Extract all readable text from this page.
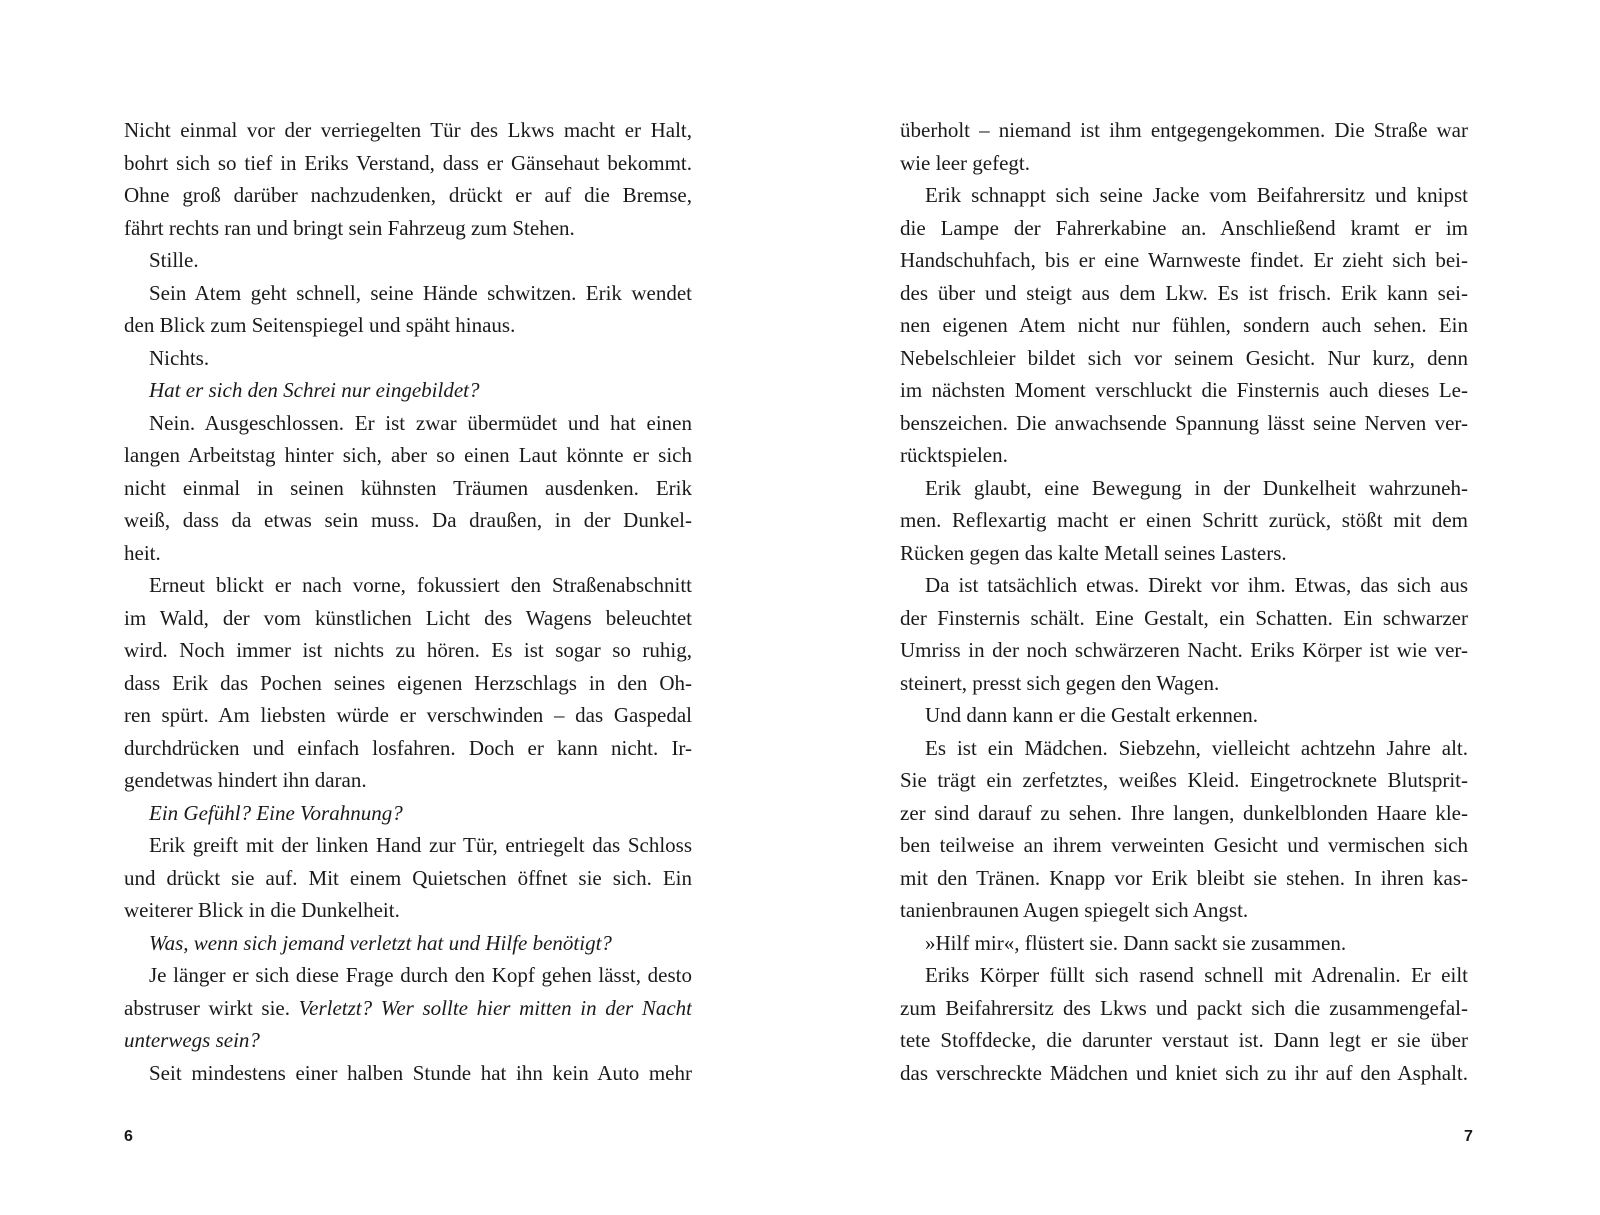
Nicht einmal vor der verriegelten Tür des Lkws macht er Halt,
bohrt sich so tief in Eriks Verstand, dass er Gänsehaut bekommt.
Ohne groß darüber nachzudenken, drückt er auf die Bremse,
fährt rechts ran und bringt sein Fahrzeug zum Stehen.
Stille.
Sein Atem geht schnell, seine Hände schwitzen. Erik wendet
den Blick zum Seitenspiegel und späht hinaus.
Nichts.
Hat er sich den Schrei nur eingebildet?
Nein. Ausgeschlossen. Er ist zwar übermüdet und hat einen
langen Arbeitstag hinter sich, aber so einen Laut könnte er sich
nicht einmal in seinen kühnsten Träumen ausdenken. Erik
weiß, dass da etwas sein muss. Da draußen, in der Dunkel-
heit.
Erneut blickt er nach vorne, fokussiert den Straßenabschnitt
im Wald, der vom künstlichen Licht des Wagens beleuchtet
wird. Noch immer ist nichts zu hören. Es ist sogar so ruhig,
dass Erik das Pochen seines eigenen Herzschlags in den Oh-
ren spürt. Am liebsten würde er verschwinden – das Gaspedal
durchdrücken und einfach losfahren. Doch er kann nicht. Ir-
gendetwas hindert ihn daran.
Ein Gefühl? Eine Vorahnung?
Erik greift mit der linken Hand zur Tür, entriegelt das Schloss
und drückt sie auf. Mit einem Quietschen öffnet sie sich. Ein
weiterer Blick in die Dunkelheit.
Was, wenn sich jemand verletzt hat und Hilfe benötigt?
Je länger er sich diese Frage durch den Kopf gehen lässt, desto
abstruser wirkt sie. Verletzt? Wer sollte hier mitten in der Nacht
unterwegs sein?
Seit mindestens einer halben Stunde hat ihn kein Auto mehr
6
überholt – niemand ist ihm entgegengekommen. Die Straße war
wie leer gefegt.
Erik schnappt sich seine Jacke vom Beifahrersitz und knipst
die Lampe der Fahrerkabine an. Anschließend kramt er im
Handschuhfach, bis er eine Warnweste findet. Er zieht sich bei-
des über und steigt aus dem Lkw. Es ist frisch. Erik kann sei-
nen eigenen Atem nicht nur fühlen, sondern auch sehen. Ein
Nebelschleier bildet sich vor seinem Gesicht. Nur kurz, denn
im nächsten Moment verschluckt die Finsternis auch dieses Le-
benszeichen. Die anwachsende Spannung lässt seine Nerven ver-
rücktspielen.
Erik glaubt, eine Bewegung in der Dunkelheit wahrzuneh-
men. Reflexartig macht er einen Schritt zurück, stößt mit dem
Rücken gegen das kalte Metall seines Lasters.
Da ist tatsächlich etwas. Direkt vor ihm. Etwas, das sich aus
der Finsternis schält. Eine Gestalt, ein Schatten. Ein schwarzer
Umriss in der noch schwärzeren Nacht. Eriks Körper ist wie ver-
steinert, presst sich gegen den Wagen.
Und dann kann er die Gestalt erkennen.
Es ist ein Mädchen. Siebzehn, vielleicht achtzehn Jahre alt.
Sie trägt ein zerfetztes, weißes Kleid. Eingetrocknete Blutsprit-
zer sind darauf zu sehen. Ihre langen, dunkelblonden Haare kle-
ben teilweise an ihrem verweinten Gesicht und vermischen sich
mit den Tränen. Knapp vor Erik bleibt sie stehen. In ihren kas-
tanienbraunen Augen spiegelt sich Angst.
»Hilf mir«, flüstert sie. Dann sackt sie zusammen.
Eriks Körper füllt sich rasend schnell mit Adrenalin. Er eilt
zum Beifahrersitz des Lkws und packt sich die zusammengefal-
tete Stoffdecke, die darunter verstaut ist. Dann legt er sie über
das verschreckte Mädchen und kniet sich zu ihr auf den Asphalt.
7
